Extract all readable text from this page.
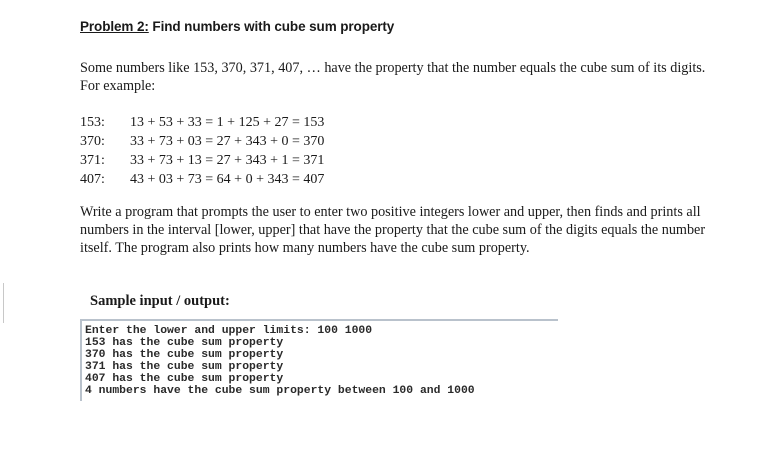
Problem 2: Find numbers with cube sum property

Some numbers like 153, 370, 371, 407, … have the property that the number equals the cube sum of its digits. For example:

153: 13 + 53 + 33 = 1 + 125 + 27 = 153
370: 33 + 73 + 03 = 27 + 343 + 0 = 370
371: 33 + 73 + 13 = 27 + 343 + 1 = 371
407: 43 + 03 + 73 = 64 + 0 + 343 = 407

Write a program that prompts the user to enter two positive integers lower and upper, then finds and prints all numbers in the interval [lower, upper] that have the property that the cube sum of the digits equals the number itself. The program also prints how many numbers have the cube sum property.

Sample input / output:
Enter the lower and upper limits: 100 1000
153 has the cube sum property
370 has the cube sum property
371 has the cube sum property
407 has the cube sum property
4 numbers have the cube sum property between 100 and 1000
